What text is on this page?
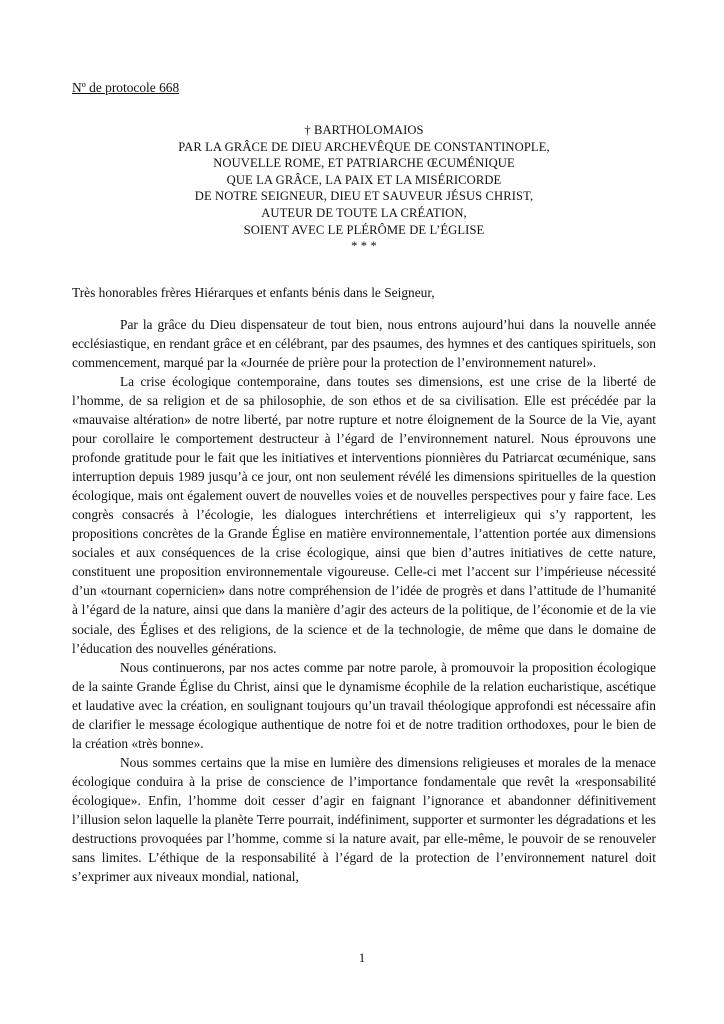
Nº de protocole 668
† BARTHOLOMAIOS
PAR LA GRÂCE DE DIEU ARCHEVÊQUE DE CONSTANTINOPLE,
NOUVELLE ROME, ET PATRIARCHE ŒCUMÉNIQUE
QUE LA GRÂCE, LA PAIX ET LA MISÉRICORDE
DE NOTRE SEIGNEUR, DIEU ET SAUVEUR JÉSUS CHRIST,
AUTEUR DE TOUTE LA CRÉATION,
SOIENT AVEC LE PLÉRÔME DE L’ÉGLISE
* * *
Très honorables frères Hiérarques et enfants bénis dans le Seigneur,

Par la grâce du Dieu dispensateur de tout bien, nous entrons aujourd’hui dans la nouvelle année ecclésiastique, en rendant grâce et en célébrant, par des psaumes, des hymnes et des cantiques spirituels, son commencement, marqué par la «Journée de prière pour la protection de l’environnement naturel».

La crise écologique contemporaine, dans toutes ses dimensions, est une crise de la liberté de l’homme, de sa religion et de sa philosophie, de son ethos et de sa civilisation. Elle est précédée par la «mauvaise altération» de notre liberté, par notre rupture et notre éloignement de la Source de la Vie, ayant pour corollaire le comportement destructeur à l’égard de l’environnement naturel. Nous éprouvons une profonde gratitude pour le fait que les initiatives et interventions pionnières du Patriarcat œcuménique, sans interruption depuis 1989 jusqu’à ce jour, ont non seulement révélé les dimensions spirituelles de la question écologique, mais ont également ouvert de nouvelles voies et de nouvelles perspectives pour y faire face. Les congrès consacrés à l’écologie, les dialogues interchrétiens et interreligieux qui s’y rapportent, les propositions concrètes de la Grande Église en matière environnementale, l’attention portée aux dimensions sociales et aux conséquences de la crise écologique, ainsi que bien d’autres initiatives de cette nature, constituent une proposition environnementale vigoureuse. Celle-ci met l’accent sur l’impérieuse nécessité d’un «tournant copernicien» dans notre compréhension de l’idée de progrès et dans l’attitude de l’humanité à l’égard de la nature, ainsi que dans la manière d’agir des acteurs de la politique, de l’économie et de la vie sociale, des Églises et des religions, de la science et de la technologie, de même que dans le domaine de l’éducation des nouvelles générations.

Nous continuerons, par nos actes comme par notre parole, à promouvoir la proposition écologique de la sainte Grande Église du Christ, ainsi que le dynamisme écophile de la relation eucharistique, ascétique et laudative avec la création, en soulignant toujours qu’un travail théologique approfondi est nécessaire afin de clarifier le message écologique authentique de notre foi et de notre tradition orthodoxes, pour le bien de la création «très bonne».

Nous sommes certains que la mise en lumière des dimensions religieuses et morales de la menace écologique conduira à la prise de conscience de l’importance fondamentale que revêt la «responsabilité écologique». Enfin, l’homme doit cesser d’agir en faignant l’ignorance et abandonner définitivement l’illusion selon laquelle la planète Terre pourrait, indéfiniment, supporter et surmonter les dégradations et les destructions provoquées par l’homme, comme si la nature avait, par elle-même, le pouvoir de se renouveler sans limites. L’éthique de la responsabilité à l’égard de la protection de l’environnement naturel doit s’exprimer aux niveaux mondial, national,

1
